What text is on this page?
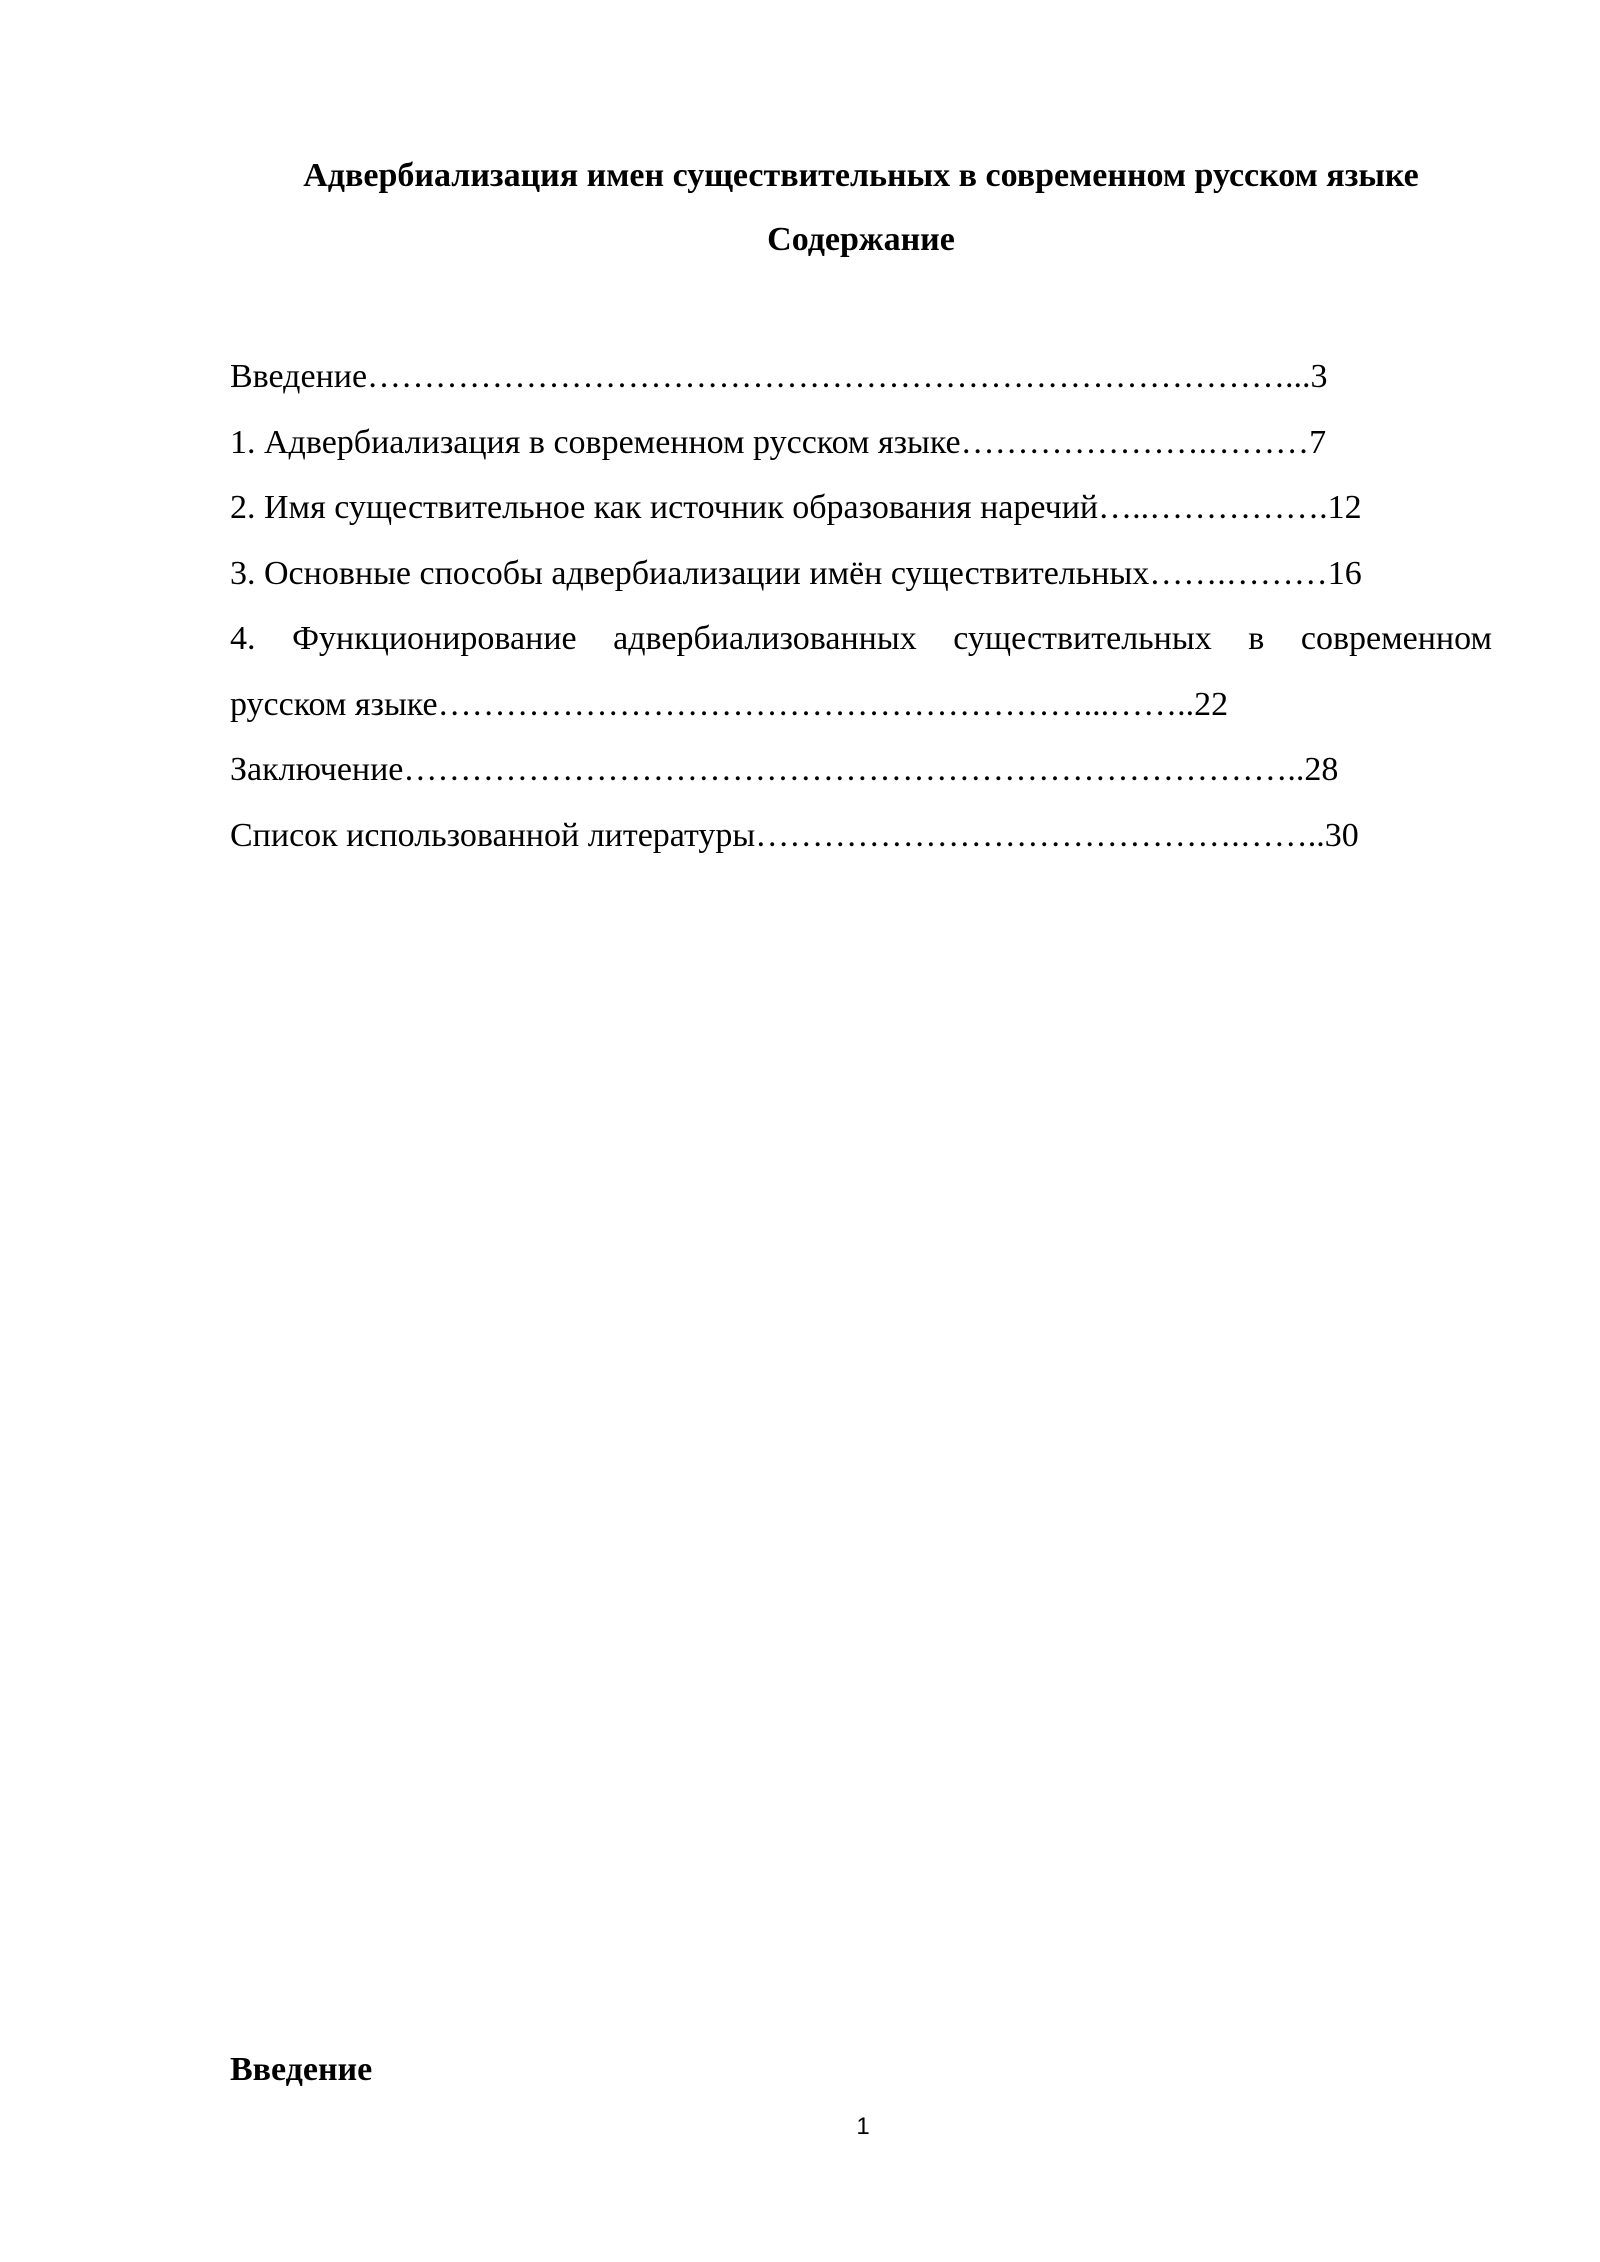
Адвербиализация имен существительных в современном русском языке
Содержание
Введение………………………………………………………………………...3
1. Адвербиализация в современном русском языке………………….………7
2. Имя существительное как источник образования наречий…..…………….12
3. Основные способы адвербиализации имён существительных…….………16
4. Функционирование адвербиализованных существительных в современном
русском языке…………………………………………………...……..22
Заключение……………………………………………………………………..28
Список использованной литературы…………………………………….……..30
Введение
1
